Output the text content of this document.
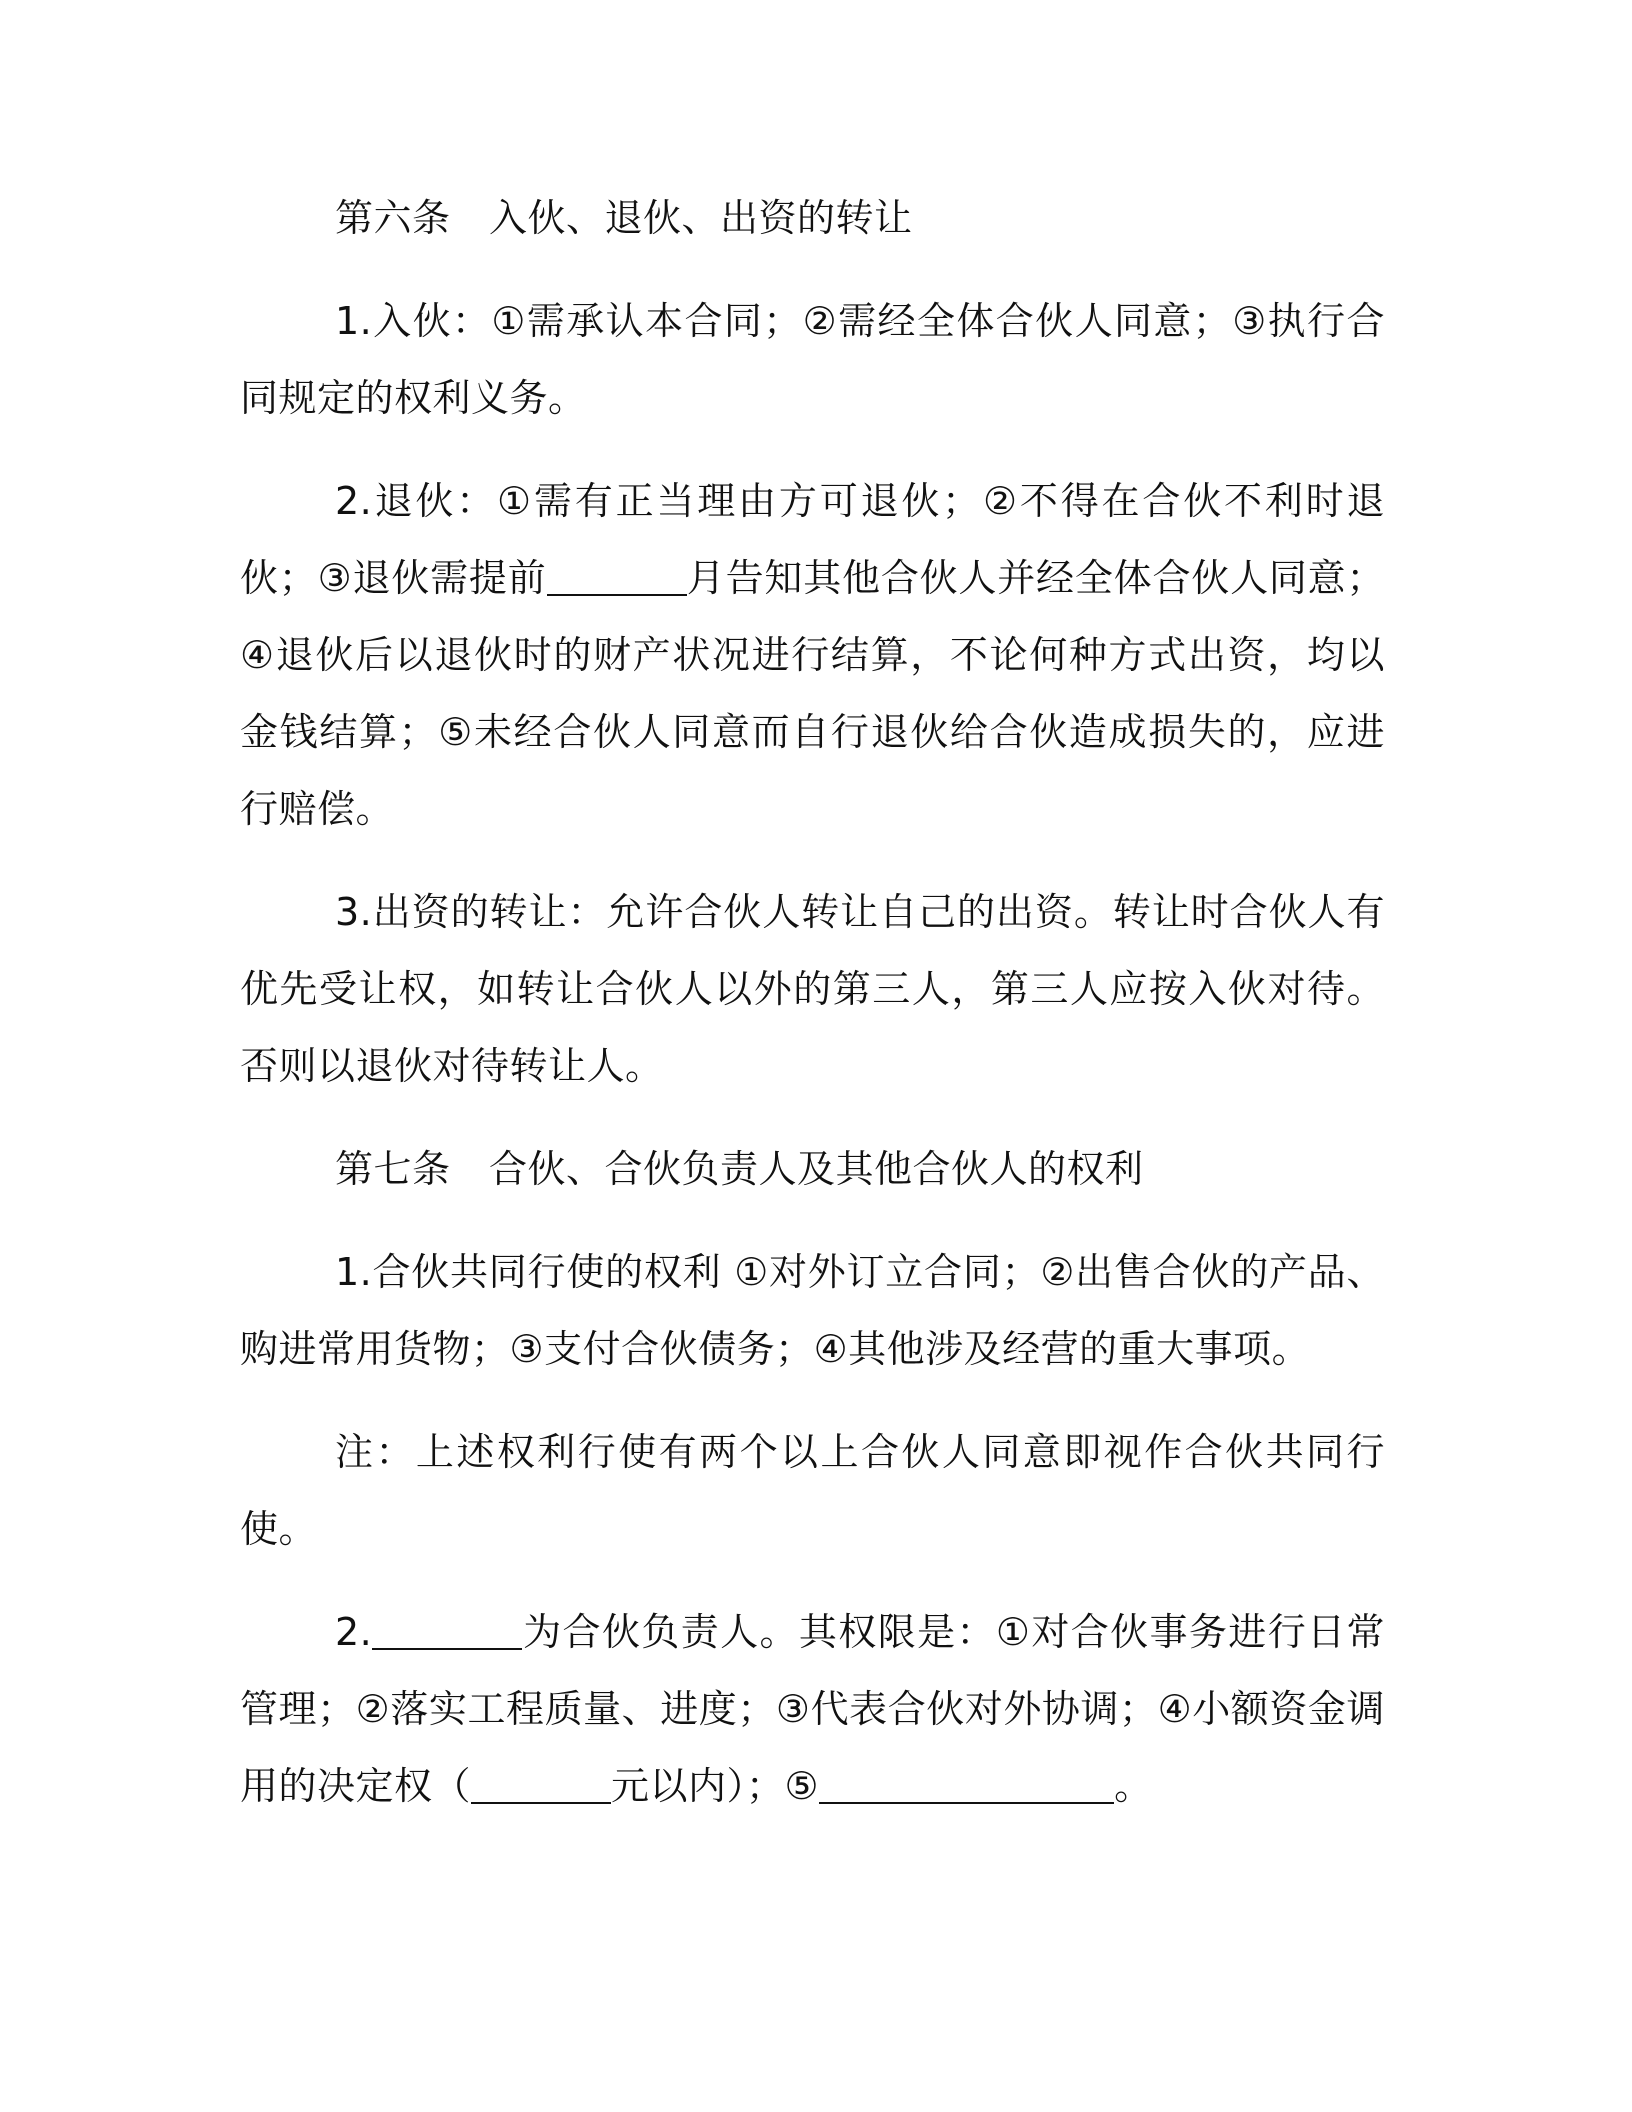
第六条　入伙、退伙、出资的转让

1.入伙：①需承认本合同；②需经全体合伙人同意；③执行合同规定的权利义务。

2.退伙：①需有正当理由方可退伙；②不得在合伙不利时退伙；③退伙需提前	月告知其他合伙人并经全体合伙人同意；④退伙后以退伙时的财产状况进行结算，不论何种方式出资，均以金钱结算；⑤未经合伙人同意而自行退伙给合伙造成损失的，应进行赔偿。

3.出资的转让：允许合伙人转让自己的出资。转让时合伙人有优先受让权，如转让合伙人以外的第三人，第三人应按入伙对待。否则以退伙对待转让人。

第七条　合伙、合伙负责人及其他合伙人的权利

1.合伙共同行使的权利 ①对外订立合同；②出售合伙的产品、购进常用货物；③支付合伙债务；④其他涉及经营的重大事项。

注：上述权利行使有两个以上合伙人同意即视作合伙共同行使。

2.	为合伙负责人。其权限是：①对合伙事务进行日常管理；②落实工程质量、进度；③代表合伙对外协调；④小额资金调用的决定权（	元以内）；⑤	。
